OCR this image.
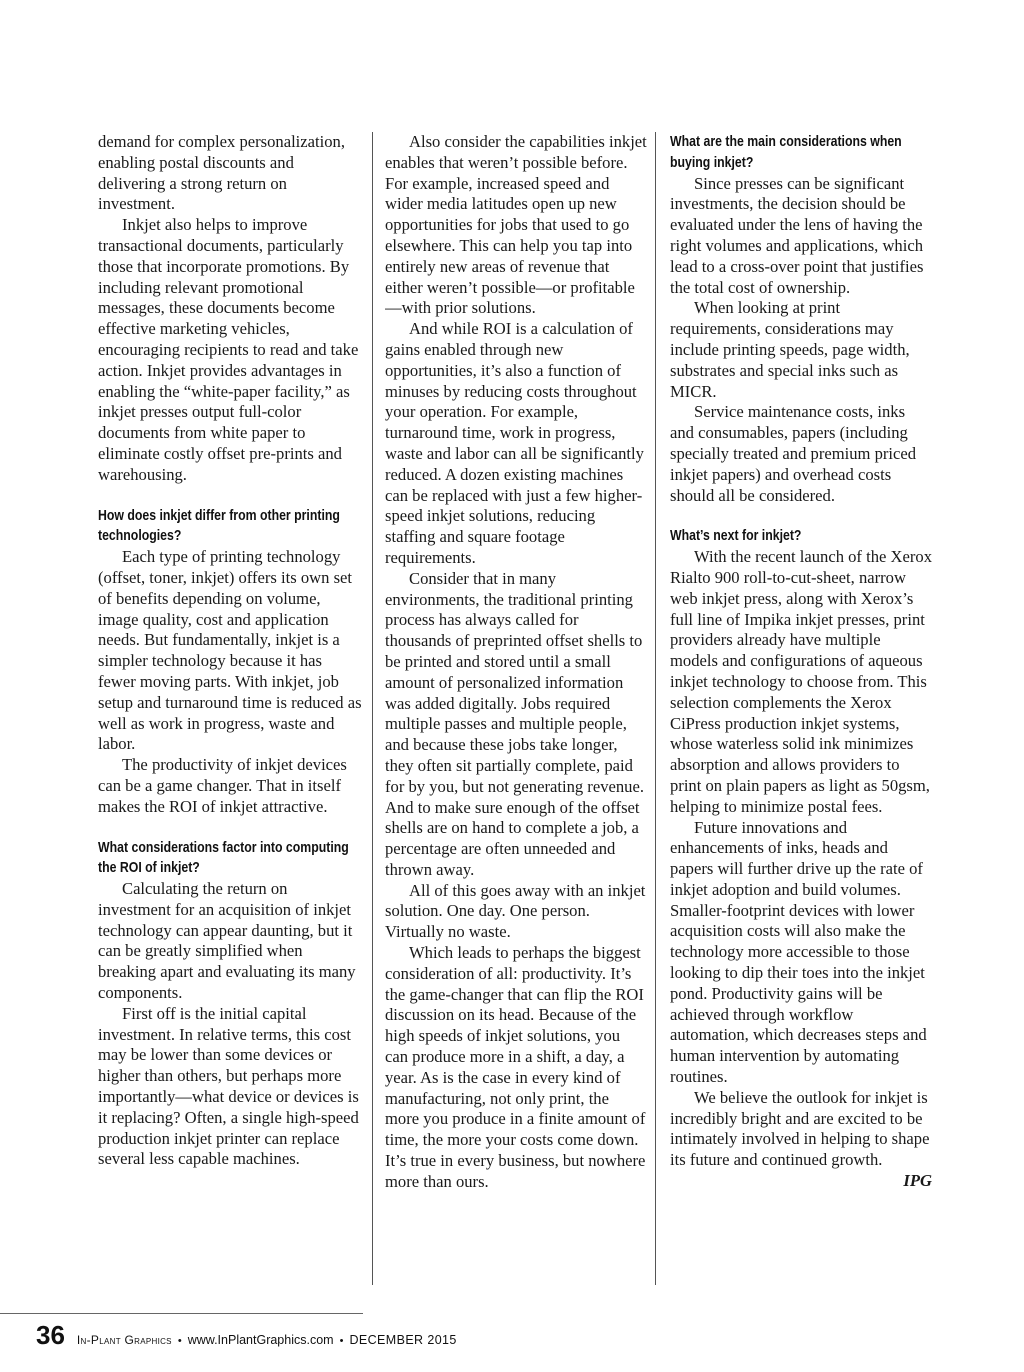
demand for complex personalization, enabling postal discounts and delivering a strong return on investment.

Inkjet also helps to improve transactional documents, particularly those that incorporate promotions. By including relevant promotional messages, these documents become effective marketing vehicles, encouraging recipients to read and take action. Inkjet provides advantages in enabling the “white-paper facility,” as inkjet presses output full-color documents from white paper to eliminate costly offset pre-prints and warehousing.

How does inkjet differ from other printing technologies?

Each type of printing technology (offset, toner, inkjet) offers its own set of benefits depending on volume, image quality, cost and application needs. But fundamentally, inkjet is a simpler technology because it has fewer moving parts. With inkjet, job setup and turnaround time is reduced as well as work in progress, waste and labor.

The productivity of inkjet devices can be a game changer. That in itself makes the ROI of inkjet attractive.

What considerations factor into computing the ROI of inkjet?

Calculating the return on investment for an acquisition of inkjet technology can appear daunting, but it can be greatly simplified when breaking apart and evaluating its many components.

First off is the initial capital investment. In relative terms, this cost may be lower than some devices or higher than others, but perhaps more importantly—what device or devices is it replacing? Often, a single high-speed production inkjet printer can replace several less capable machines.

Also consider the capabilities inkjet enables that weren’t possible before. For example, increased speed and wider media latitudes open up new opportunities for jobs that used to go elsewhere. This can help you tap into entirely new areas of revenue that either weren’t possible—or profitable—with prior solutions.

And while ROI is a calculation of gains enabled through new opportunities, it’s also a function of minuses by reducing costs throughout your operation. For example, turnaround time, work in progress, waste and labor can all be significantly reduced. A dozen existing machines can be replaced with just a few higher-speed inkjet solutions, reducing staffing and square footage requirements.

Consider that in many environments, the traditional printing process has always called for thousands of preprinted offset shells to be printed and stored until a small amount of personalized information was added digitally. Jobs required multiple passes and multiple people, and because these jobs take longer, they often sit partially complete, paid for by you, but not generating revenue. And to make sure enough of the offset shells are on hand to complete a job, a percentage are often unneeded and thrown away.

All of this goes away with an inkjet solution. One day. One person. Virtually no waste.

Which leads to perhaps the biggest consideration of all: productivity. It’s the game-changer that can flip the ROI discussion on its head. Because of the high speeds of inkjet solutions, you can produce more in a shift, a day, a year. As is the case in every kind of manufacturing, not only print, the more you produce in a finite amount of time, the more your costs come down. It’s true in every business, but nowhere more than ours.

What are the main considerations when buying inkjet?

Since presses can be significant investments, the decision should be evaluated under the lens of having the right volumes and applications, which lead to a cross-over point that justifies the total cost of ownership.

When looking at print requirements, considerations may include printing speeds, page width, substrates and special inks such as MICR.

Service maintenance costs, inks and consumables, papers (including specially treated and premium priced inkjet papers) and overhead costs should all be considered.

What’s next for inkjet?

With the recent launch of the Xerox Rialto 900 roll-to-cut-sheet, narrow web inkjet press, along with Xerox’s full line of Impika inkjet presses, print providers already have multiple models and configurations of aqueous inkjet technology to choose from. This selection complements the Xerox CiPress production inkjet systems, whose waterless solid ink minimizes absorption and allows providers to print on plain papers as light as 50gsm, helping to minimize postal fees.

Future innovations and enhancements of inks, heads and papers will further drive up the rate of inkjet adoption and build volumes. Smaller-footprint devices with lower acquisition costs will also make the technology more accessible to those looking to dip their toes into the inkjet pond. Productivity gains will be achieved through workflow automation, which decreases steps and human intervention by automating routines.

We believe the outlook for inkjet is incredibly bright and are excited to be intimately involved in helping to shape its future and continued growth.
IPG

36 In-Plant Graphics • www.InPlantGraphics.com • DECEMBER 2015
